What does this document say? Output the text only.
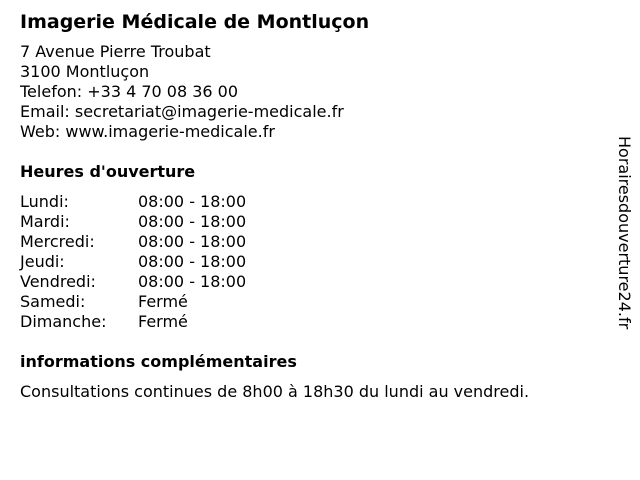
Imagerie Médicale de Montluçon
7 Avenue Pierre Troubat
3100 Montluçon
Telefon: +33 4 70 08 36 00
Email: secretariat@imagerie-medicale.fr
Web: www.imagerie-medicale.fr
Heures d'ouverture
Lundi:	08:00 - 18:00
Mardi:	08:00 - 18:00
Mercredi:	08:00 - 18:00
Jeudi:	08:00 - 18:00
Vendredi:	08:00 - 18:00
Samedi:	Fermé
Dimanche:	Fermé
informations complémentaires
Consultations continues de 8h00 à 18h30 du lundi au vendredi.
Horairesdouverture24.fr
